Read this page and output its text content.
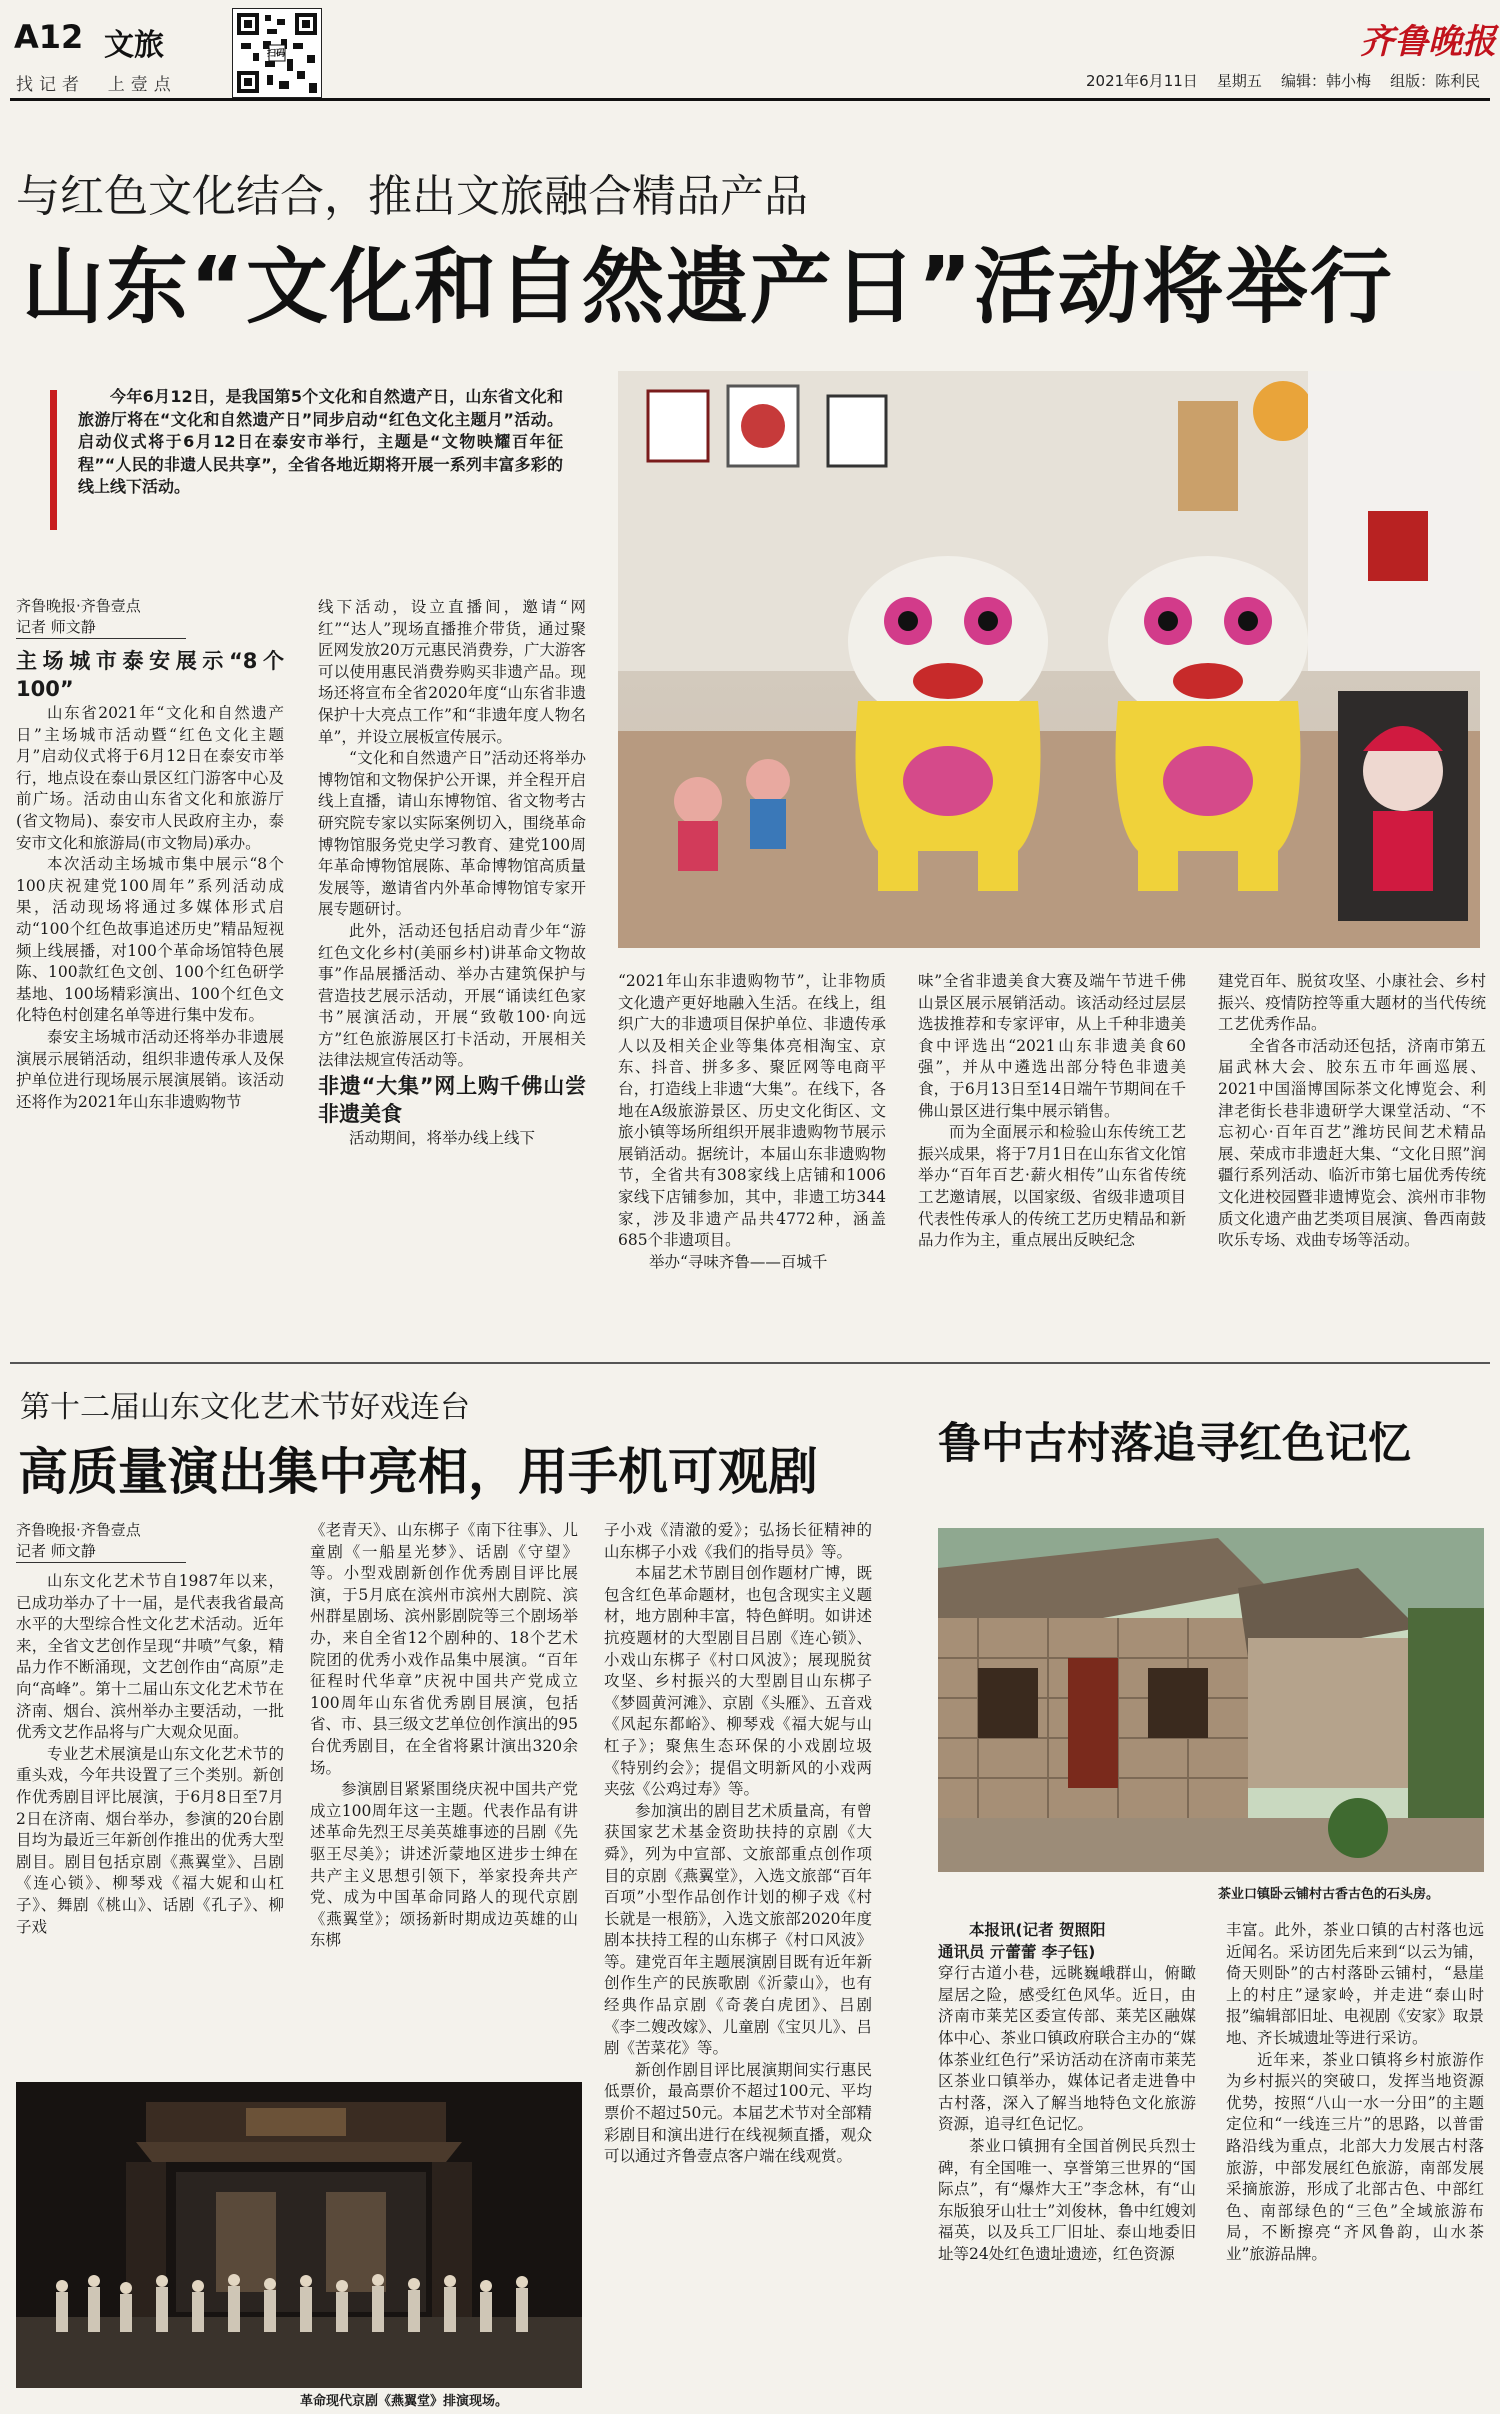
A12 文旅
找记者  上壹点
扫码	齐鲁晚报
2021年6月11日 星期五 编辑：韩小梅 组版：陈利民
与红色文化结合，推出文旅融合精品产品
山东“文化和自然遗产日”活动将举行

今年6月12日，是我国第5个文化和自然遗产日，山东省文化和旅游厅将在“文化和自然遗产日”同步启动“红色文化主题月”活动。启动仪式将于6月12日在泰安市举行，主题是“文物映耀百年征程”“人民的非遗人民共享”，全省各地近期将开展一系列丰富多彩的线上线下活动。

齐鲁晚报·齐鲁壹点
记者 师文静

主场城市泰安展示“8个100”

山东省2021年“文化和自然遗产日”主场城市活动暨“红色文化主题月”启动仪式将于6月12日在泰安市举行，地点设在泰山景区红门游客中心及前广场。活动由山东省文化和旅游厅(省文物局)、泰安市人民政府主办，泰安市文化和旅游局(市文物局)承办。

本次活动主场城市集中展示“8个100庆祝建党100周年”系列活动成果，活动现场将通过多媒体形式启动“100个红色故事追述历史”精品短视频上线展播，对100个革命场馆特色展陈、100款红色文创、100个红色研学基地、100场精彩演出、100个红色文化特色村创建名单等进行集中发布。

泰安主场城市活动还将举办非遗展演展示展销活动，组织非遗传承人及保护单位进行现场展示展演展销。该活动还将作为2021年山东非遗购物节

线下活动，设立直播间，邀请“网红”“达人”现场直播推介带货，通过聚匠网发放20万元惠民消费券，广大游客可以使用惠民消费券购买非遗产品。现场还将宣布全省2020年度“山东省非遗保护十大亮点工作”和“非遗年度人物名单”，并设立展板宣传展示。

“文化和自然遗产日”活动还将举办博物馆和文物保护公开课，并全程开启线上直播，请山东博物馆、省文物考古研究院专家以实际案例切入，围绕革命博物馆服务党史学习教育、建党100周年革命博物馆展陈、革命博物馆高质量发展等，邀请省内外革命博物馆专家开展专题研讨。

此外，活动还包括启动青少年“游红色文化乡村(美丽乡村)讲革命文物故事”作品展播活动、举办古建筑保护与营造技艺展示活动，开展“诵读红色家书”展演活动，开展“致敬100·向远方”红色旅游展区打卡活动，开展相关法律法规宣传活动等。

非遗“大集”网上购千佛山尝非遗美食

活动期间，将举办线上线下

“2021年山东非遗购物节”，让非物质文化遗产更好地融入生活。在线上，组织广大的非遗项目保护单位、非遗传承人以及相关企业等集体亮相淘宝、京东、抖音、拼多多、聚匠网等电商平台，打造线上非遗“大集”。在线下，各地在A级旅游景区、历史文化街区、文旅小镇等场所组织开展非遗购物节展示展销活动。据统计，本届山东非遗购物节，全省共有308家线上店铺和1006家线下店铺参加，其中，非遗工坊344家，涉及非遗产品共4772种，涵盖685个非遗项目。

举办“寻味齐鲁——百城千

味”全省非遗美食大赛及端午节进千佛山景区展示展销活动。该活动经过层层选拔推荐和专家评审，从上千种非遗美食中评选出“2021山东非遗美食60强”，并从中遴选出部分特色非遗美食，于6月13日至14日端午节期间在千佛山景区进行集中展示销售。

而为全面展示和检验山东传统工艺振兴成果，将于7月1日在山东省文化馆举办“百年百艺·薪火相传”山东省传统工艺邀请展，以国家级、省级非遗项目代表性传承人的传统工艺历史精品和新品力作为主，重点展出反映纪念

建党百年、脱贫攻坚、小康社会、乡村振兴、疫情防控等重大题材的当代传统工艺优秀作品。

全省各市活动还包括，济南市第五届武林大会、胶东五市年画巡展、2021中国淄博国际茶文化博览会、利津老街长巷非遗研学大课堂活动、“不忘初心·百年百艺”潍坊民间艺术精品展、荣成市非遗赶大集、“文化日照”润疆行系列活动、临沂市第七届优秀传统文化进校园暨非遗博览会、滨州市非物质文化遗产曲艺类项目展演、鲁西南鼓吹乐专场、戏曲专场等活动。

第十二届山东文化艺术节好戏连台
高质量演出集中亮相，用手机可观剧
齐鲁晚报·齐鲁壹点
记者 师文静

山东文化艺术节自1987年以来，已成功举办了十一届，是代表我省最高水平的大型综合性文化艺术活动。近年来，全省文艺创作呈现“井喷”气象，精品力作不断涌现，文艺创作由“高原”走向“高峰”。第十二届山东文化艺术节在济南、烟台、滨州举办主要活动，一批优秀文艺作品将与广大观众见面。

专业艺术展演是山东文化艺术节的重头戏，今年共设置了三个类别。新创作优秀剧目评比展演，于6月8日至7月2日在济南、烟台举办，参演的20台剧目均为最近三年新创作推出的优秀大型剧目。剧目包括京剧《燕翼堂》、吕剧《连心锁》、柳琴戏《福大妮和山杠子》、舞剧《桃山》、话剧《孔子》、柳子戏

《老青天》、山东梆子《南下往事》、儿童剧《一船星光梦》、话剧《守望》等。小型戏剧新创作优秀剧目评比展演，于5月底在滨州市滨州大剧院、滨州群星剧场、滨州影剧院等三个剧场举办，来自全省12个剧种的、18个艺术院团的优秀小戏作品集中展演。“百年征程时代华章”庆祝中国共产党成立100周年山东省优秀剧目展演，包括省、市、县三级文艺单位创作演出的95台优秀剧目，在全省将累计演出320余场。

参演剧目紧紧围绕庆祝中国共产党成立100周年这一主题。代表作品有讲述革命先烈王尽美英雄事迹的吕剧《先驱王尽美》；讲述沂蒙地区进步士绅在共产主义思想引领下，举家投奔共产党、成为中国革命同路人的现代京剧《燕翼堂》；颂扬新时期成边英雄的山东梆

子小戏《清澈的爱》；弘扬长征精神的山东梆子小戏《我们的指导员》等。

本届艺术节剧目创作题材广博，既包含红色革命题材，也包含现实主义题材，地方剧种丰富，特色鲜明。如讲述抗疫题材的大型剧目吕剧《连心锁》、小戏山东梆子《村口风波》；展现脱贫攻坚、乡村振兴的大型剧目山东梆子《梦圆黄河滩》、京剧《头雁》、五音戏《风起东都峪》、柳琴戏《福大妮与山杠子》；聚焦生态环保的小戏剧垃圾《特别约会》；提倡文明新风的小戏两夹弦《公鸡过寿》等。

参加演出的剧目艺术质量高，有曾获国家艺术基金资助扶持的京剧《大舜》，列为中宣部、文旅部重点创作项目的京剧《燕翼堂》，入选文旅部“百年百项”小型作品创作计划的柳子戏《村长就是一根筋》，入选文旅部2020年度剧本扶持工程的山东梆子《村口风波》等。建党百年主题展演剧目既有近年新创作生产的民族歌剧《沂蒙山》，也有经典作品京剧《奇袭白虎团》、吕剧《李二嫂改嫁》、儿童剧《宝贝儿》、吕剧《苦菜花》等。

新创作剧目评比展演期间实行惠民低票价，最高票价不超过100元、平均票价不超过50元。本届艺术节对全部精彩剧目和演出进行在线视频直播，观众可以通过齐鲁壹点客户端在线观赏。

革命现代京剧《燕翼堂》排演现场。
鲁中古村落追寻红色记忆
茶业口镇卧云铺村古香古色的石头房。
本报讯(记者 贺照阳
通讯员 亓蕾蕾 李子钰)

穿行古道小巷，远眺巍峨群山，俯瞰屋居之险，感受红色风华。近日，由济南市莱芜区委宣传部、莱芜区融媒体中心、茶业口镇政府联合主办的“媒体茶业红色行”采访活动在济南市莱芜区茶业口镇举办，媒体记者走进鲁中古村落，深入了解当地特色文化旅游资源，追寻红色记忆。

茶业口镇拥有全国首例民兵烈士碑，有全国唯一、享誉第三世界的“国际点”，有“爆炸大王”李念林，有“山东版狼牙山壮士”刘俊林，鲁中红嫂刘福英，以及兵工厂旧址、泰山地委旧址等24处红色遗址遗迹，红色资源

丰富。此外，茶业口镇的古村落也远近闻名。采访团先后来到“以云为铺，倚天则卧”的古村落卧云铺村，“悬崖上的村庄”逯家岭，并走进“泰山时报”编辑部旧址、电视剧《安家》取景地、齐长城遗址等进行采访。

近年来，茶业口镇将乡村旅游作为乡村振兴的突破口，发挥当地资源优势，按照“八山一水一分田”的主题定位和“一线连三片”的思路，以普雷路沿线为重点，北部大力发展古村落旅游，中部发展红色旅游，南部发展采摘旅游，形成了北部古色、中部红色、南部绿色的“三色”全域旅游布局，不断擦亮“齐风鲁韵，山水茶业”旅游品牌。
